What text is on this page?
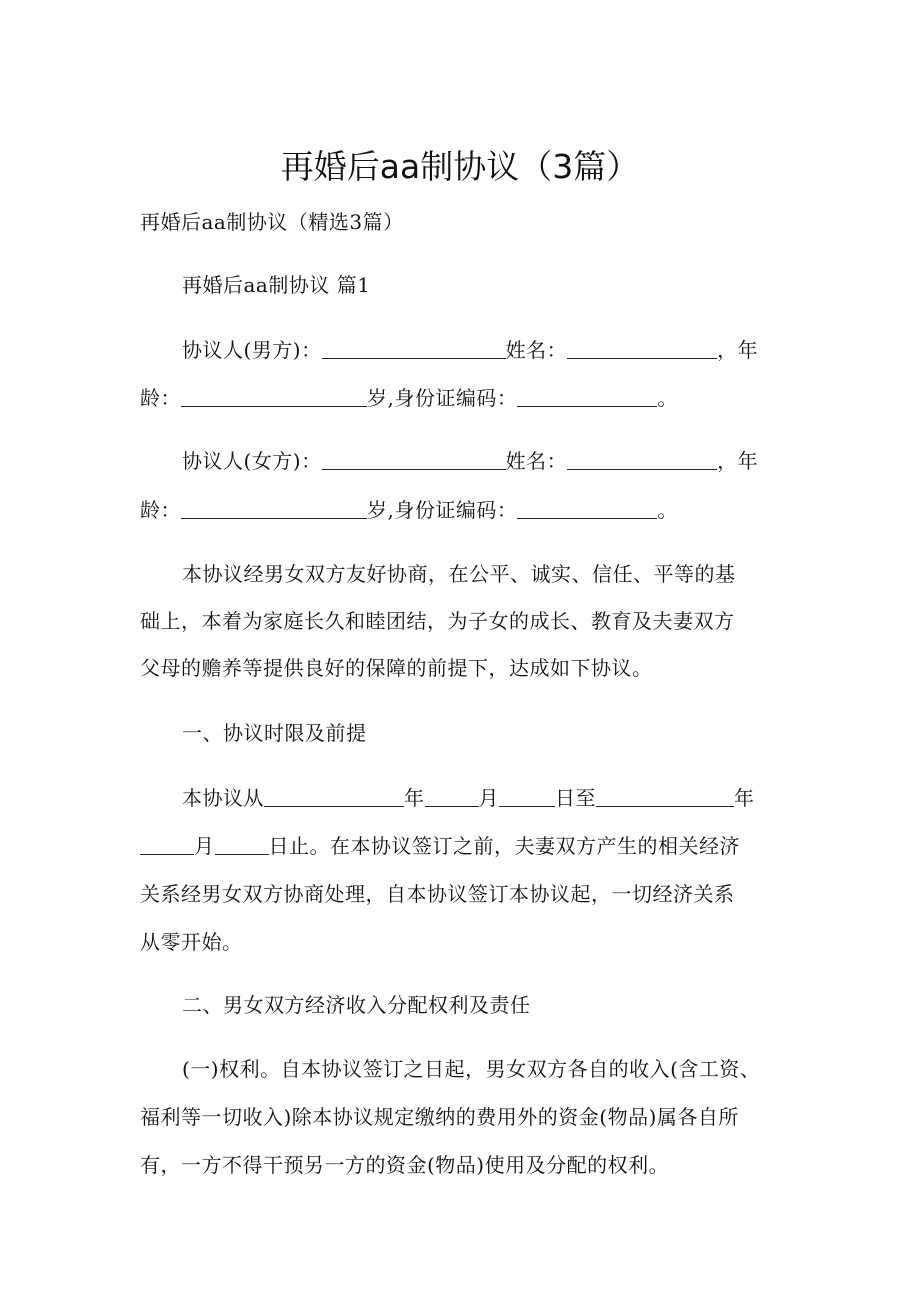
再婚后aa制协议（3篇）
再婚后aa制协议（精选3篇）
再婚后aa制协议 篇1
协议人(男方)：	姓名：	，年
龄：	岁,身份证编码：	。
协议人(女方)：	姓名：	，年
龄：	岁,身份证编码：	。
本协议经男女双方友好协商，在公平、诚实、信任、平等的基
础上，本着为家庭长久和睦团结，为子女的成长、教育及夫妻双方
父母的赡养等提供良好的保障的前提下，达成如下协议。
一、协议时限及前提
本协议从	年	月	日至	年
月	日止。在本协议签订之前，夫妻双方产生的相关经济
关系经男女双方协商处理，自本协议签订本协议起，一切经济关系
从零开始。
二、男女双方经济收入分配权利及责任
(一)权利。自本协议签订之日起，男女双方各自的收入(含工资、
福利等一切收入)除本协议规定缴纳的费用外的资金(物品)属各自所
有，一方不得干预另一方的资金(物品)使用及分配的权利。
